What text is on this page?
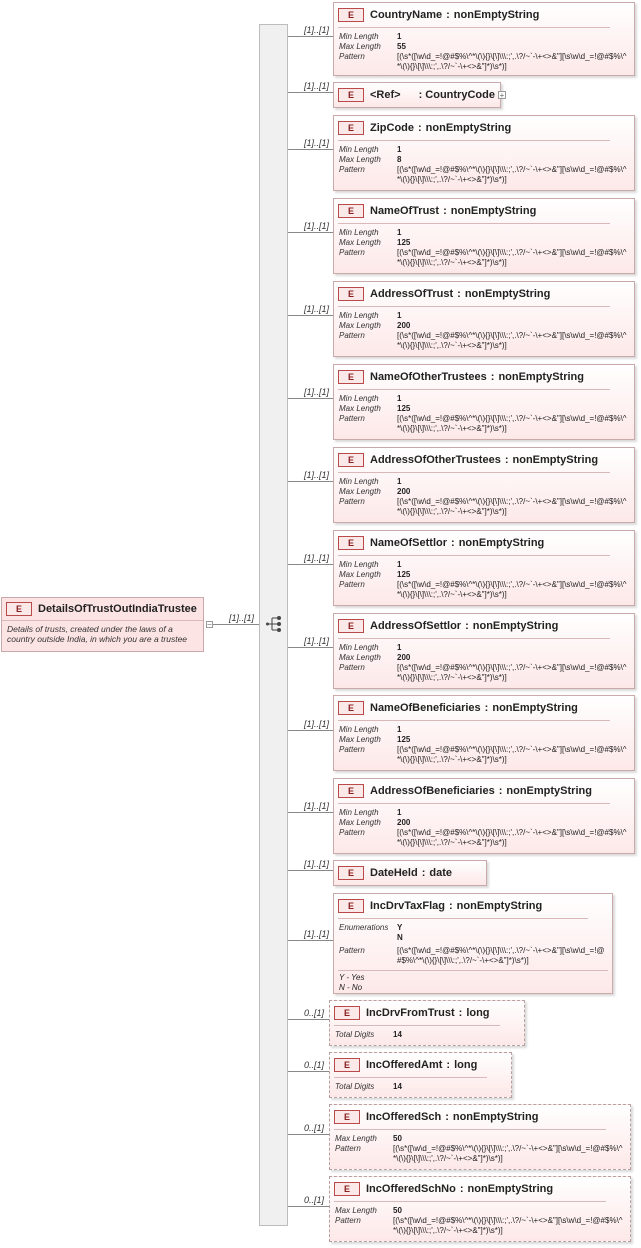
E	DetailsOfTrustOutIndiaTrustee
Details of trusts, created under the laws of a country outside India, in which you are a trustee
−
[1]..[1]
[1]..[1]
E	CountryName : nonEmptyString
Min Length	1
Max Length	55
Pattern	[(\s*([\w\d_=!@#$%\^*\(\){}\[\]\\\:;',.\?/~`-\+<>&"][\s\w\d_=!@#$%\^*\(\){}\[\]\\\:;',.\?/~`-\+<>&"]*)\s*)]
[1]..[1]
E	<Ref> : CountryCode +
[1]..[1]
E	ZipCode : nonEmptyString
Min Length	1
Max Length	8
Pattern	[(\s*([\w\d_=!@#$%\^*\(\){}\[\]\\\:;',.\?/~`-\+<>&"][\s\w\d_=!@#$%\^*\(\){}\[\]\\\:;',.\?/~`-\+<>&"]*)\s*)]
[1]..[1]
E	NameOfTrust : nonEmptyString
Min Length	1
Max Length	125
Pattern	[(\s*([\w\d_=!@#$%\^*\(\){}\[\]\\\:;',.\?/~`-\+<>&"][\s\w\d_=!@#$%\^*\(\){}\[\]\\\:;',.\?/~`-\+<>&"]*)\s*)]
[1]..[1]
E	AddressOfTrust : nonEmptyString
Min Length	1
Max Length	200
Pattern	[(\s*([\w\d_=!@#$%\^*\(\){}\[\]\\\:;',.\?/~`-\+<>&"][\s\w\d_=!@#$%\^*\(\){}\[\]\\\:;',.\?/~`-\+<>&"]*)\s*)]
[1]..[1]
E	NameOfOtherTrustees : nonEmptyString
Min Length	1
Max Length	125
Pattern	[(\s*([\w\d_=!@#$%\^*\(\){}\[\]\\\:;',.\?/~`-\+<>&"][\s\w\d_=!@#$%\^*\(\){}\[\]\\\:;',.\?/~`-\+<>&"]*)\s*)]
[1]..[1]
E	AddressOfOtherTrustees : nonEmptyString
Min Length	1
Max Length	200
Pattern	[(\s*([\w\d_=!@#$%\^*\(\){}\[\]\\\:;',.\?/~`-\+<>&"][\s\w\d_=!@#$%\^*\(\){}\[\]\\\:;',.\?/~`-\+<>&"]*)\s*)]
[1]..[1]
E	NameOfSettlor : nonEmptyString
Min Length	1
Max Length	125
Pattern	[(\s*([\w\d_=!@#$%\^*\(\){}\[\]\\\:;',.\?/~`-\+<>&"][\s\w\d_=!@#$%\^*\(\){}\[\]\\\:;',.\?/~`-\+<>&"]*)\s*)]
[1]..[1]
E	AddressOfSettlor : nonEmptyString
Min Length	1
Max Length	200
Pattern	[(\s*([\w\d_=!@#$%\^*\(\){}\[\]\\\:;',.\?/~`-\+<>&"][\s\w\d_=!@#$%\^*\(\){}\[\]\\\:;',.\?/~`-\+<>&"]*)\s*)]
[1]..[1]
E	NameOfBeneficiaries : nonEmptyString
Min Length	1
Max Length	125
Pattern	[(\s*([\w\d_=!@#$%\^*\(\){}\[\]\\\:;',.\?/~`-\+<>&"][\s\w\d_=!@#$%\^*\(\){}\[\]\\\:;',.\?/~`-\+<>&"]*)\s*)]
[1]..[1]
E	AddressOfBeneficiaries : nonEmptyString
Min Length	1
Max Length	200
Pattern	[(\s*([\w\d_=!@#$%\^*\(\){}\[\]\\\:;',.\?/~`-\+<>&"][\s\w\d_=!@#$%\^*\(\){}\[\]\\\:;',.\?/~`-\+<>&"]*)\s*)]
[1]..[1]
E	DateHeld : date
[1]..[1]
E	IncDrvTaxFlag : nonEmptyString
Enumerations	Y
N
Pattern	[(\s*([\w\d_=!@#$%\^*\(\){}\[\]\\\:;',.\?/~`-\+<>&"][\s\w\d_=!@#$%\^*\(\){}\[\]\\\:;',.\?/~`-\+<>&"]*)\s*)]
Y - Yes
N - No
0..[1]	E	IncDrvFromTrust : long
Total Digits	14
0..[1]	E	IncOfferedAmt : long
Total Digits	14
0..[1]
E	IncOfferedSch : nonEmptyString
Max Length	50
Pattern	[(\s*([\w\d_=!@#$%\^*\(\){}\[\]\\\:;',.\?/~`-\+<>&"][\s\w\d_=!@#$%\^*\(\){}\[\]\\\:;',.\?/~`-\+<>&"]*)\s*)]
0..[1]
E	IncOfferedSchNo : nonEmptyString
Max Length	50
Pattern	[(\s*([\w\d_=!@#$%\^*\(\){}\[\]\\\:;',.\?/~`-\+<>&"][\s\w\d_=!@#$%\^*\(\){}\[\]\\\:;',.\?/~`-\+<>&"]*)\s*)]
